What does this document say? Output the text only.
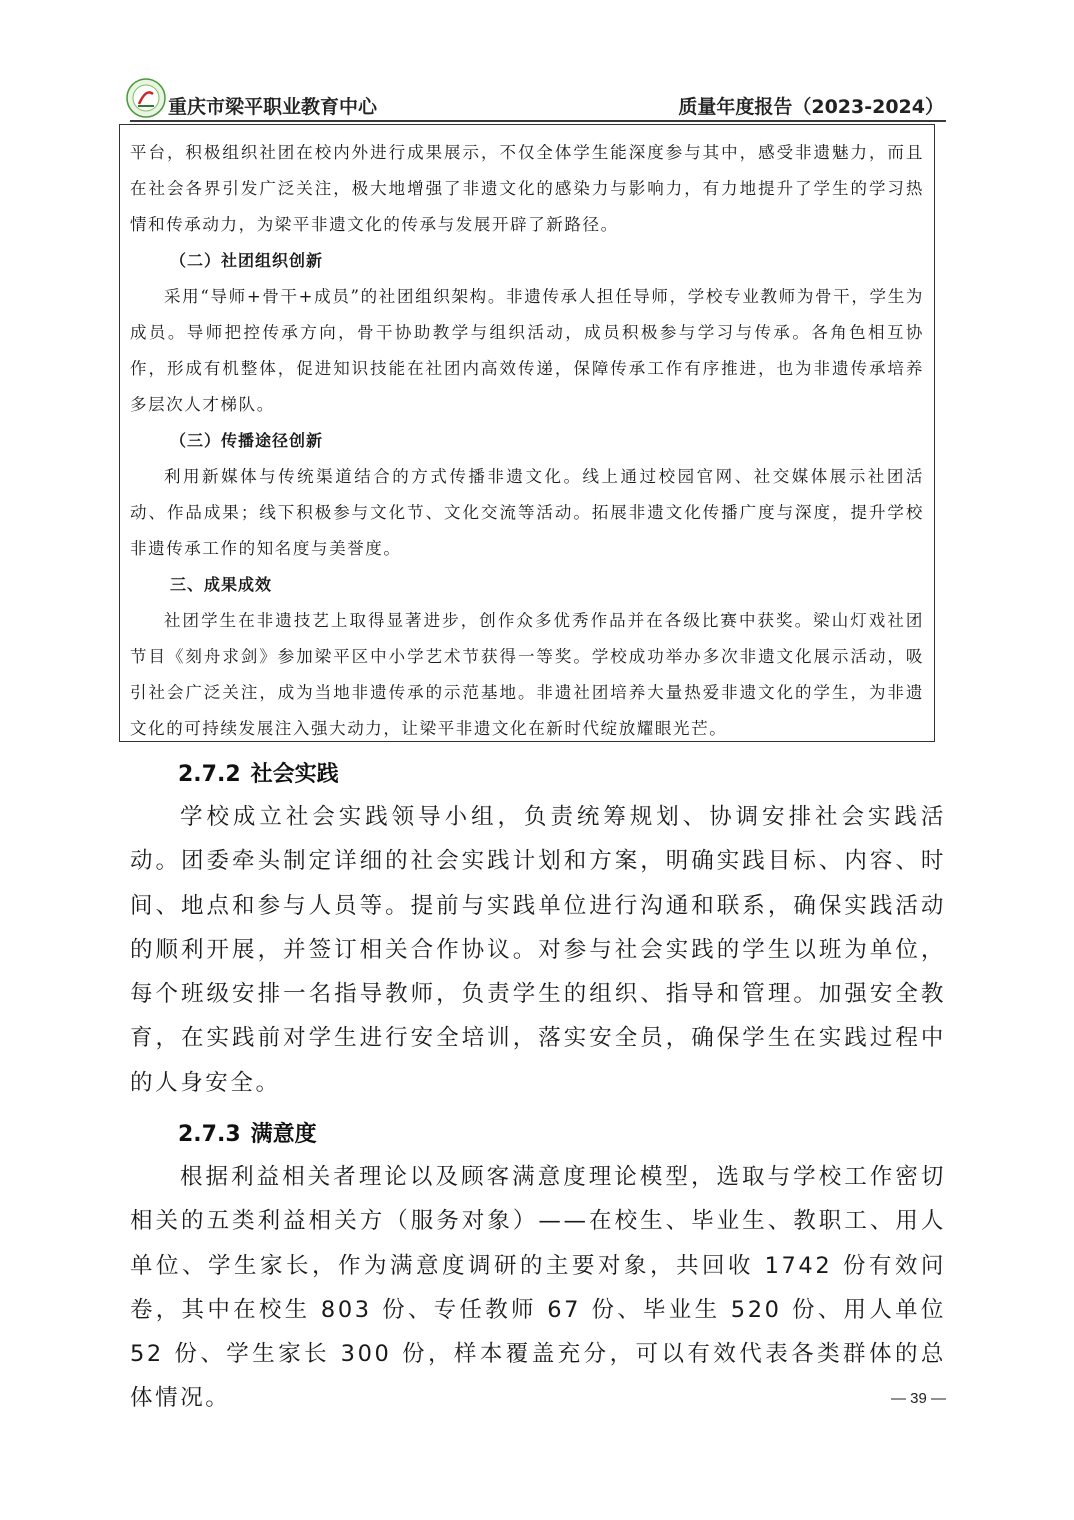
重庆市梁平职业教育中心	质量年度报告（2023-2024）

平台，积极组织社团在校内外进行成果展示，不仅全体学生能深度参与其中，感受非遗魅力，而且在社会各界引发广泛关注，极大地增强了非遗文化的感染力与影响力，有力地提升了学生的学习热情和传承动力，为梁平非遗文化的传承与发展开辟了新路径。

（二）社团组织创新

采用“导师+骨干+成员”的社团组织架构。非遗传承人担任导师，学校专业教师为骨干，学生为成员。导师把控传承方向，骨干协助教学与组织活动，成员积极参与学习与传承。各角色相互协作，形成有机整体，促进知识技能在社团内高效传递，保障传承工作有序推进，也为非遗传承培养多层次人才梯队。

（三）传播途径创新

利用新媒体与传统渠道结合的方式传播非遗文化。线上通过校园官网、社交媒体展示社团活动、作品成果；线下积极参与文化节、文化交流等活动。拓展非遗文化传播广度与深度，提升学校非遗传承工作的知名度与美誉度。

三、成果成效

社团学生在非遗技艺上取得显著进步，创作众多优秀作品并在各级比赛中获奖。梁山灯戏社团节目《刻舟求剑》参加梁平区中小学艺术节获得一等奖。学校成功举办多次非遗文化展示活动，吸引社会广泛关注，成为当地非遗传承的示范基地。非遗社团培养大量热爱非遗文化的学生，为非遗文化的可持续发展注入强大动力，让梁平非遗文化在新时代绽放耀眼光芒。

2.7.2 社会实践
学校成立社会实践领导小组，负责统筹规划、协调安排社会实践活动。团委牵头制定详细的社会实践计划和方案，明确实践目标、内容、时间、地点和参与人员等。提前与实践单位进行沟通和联系，确保实践活动的顺利开展，并签订相关合作协议。对参与社会实践的学生以班为单位，每个班级安排一名指导教师，负责学生的组织、指导和管理。加强安全教育，在实践前对学生进行安全培训，落实安全员，确保学生在实践过程中的人身安全。
2.7.3 满意度
根据利益相关者理论以及顾客满意度理论模型，选取与学校工作密切相关的五类利益相关方（服务对象）——在校生、毕业生、教职工、用人单位、学生家长，作为满意度调研的主要对象，共回收 1742 份有效问卷，其中在校生 803 份、专任教师 67 份、毕业生 520 份、用人单位 52 份、学生家长 300 份，样本覆盖充分，可以有效代表各类群体的总体情况。	— 39 —
